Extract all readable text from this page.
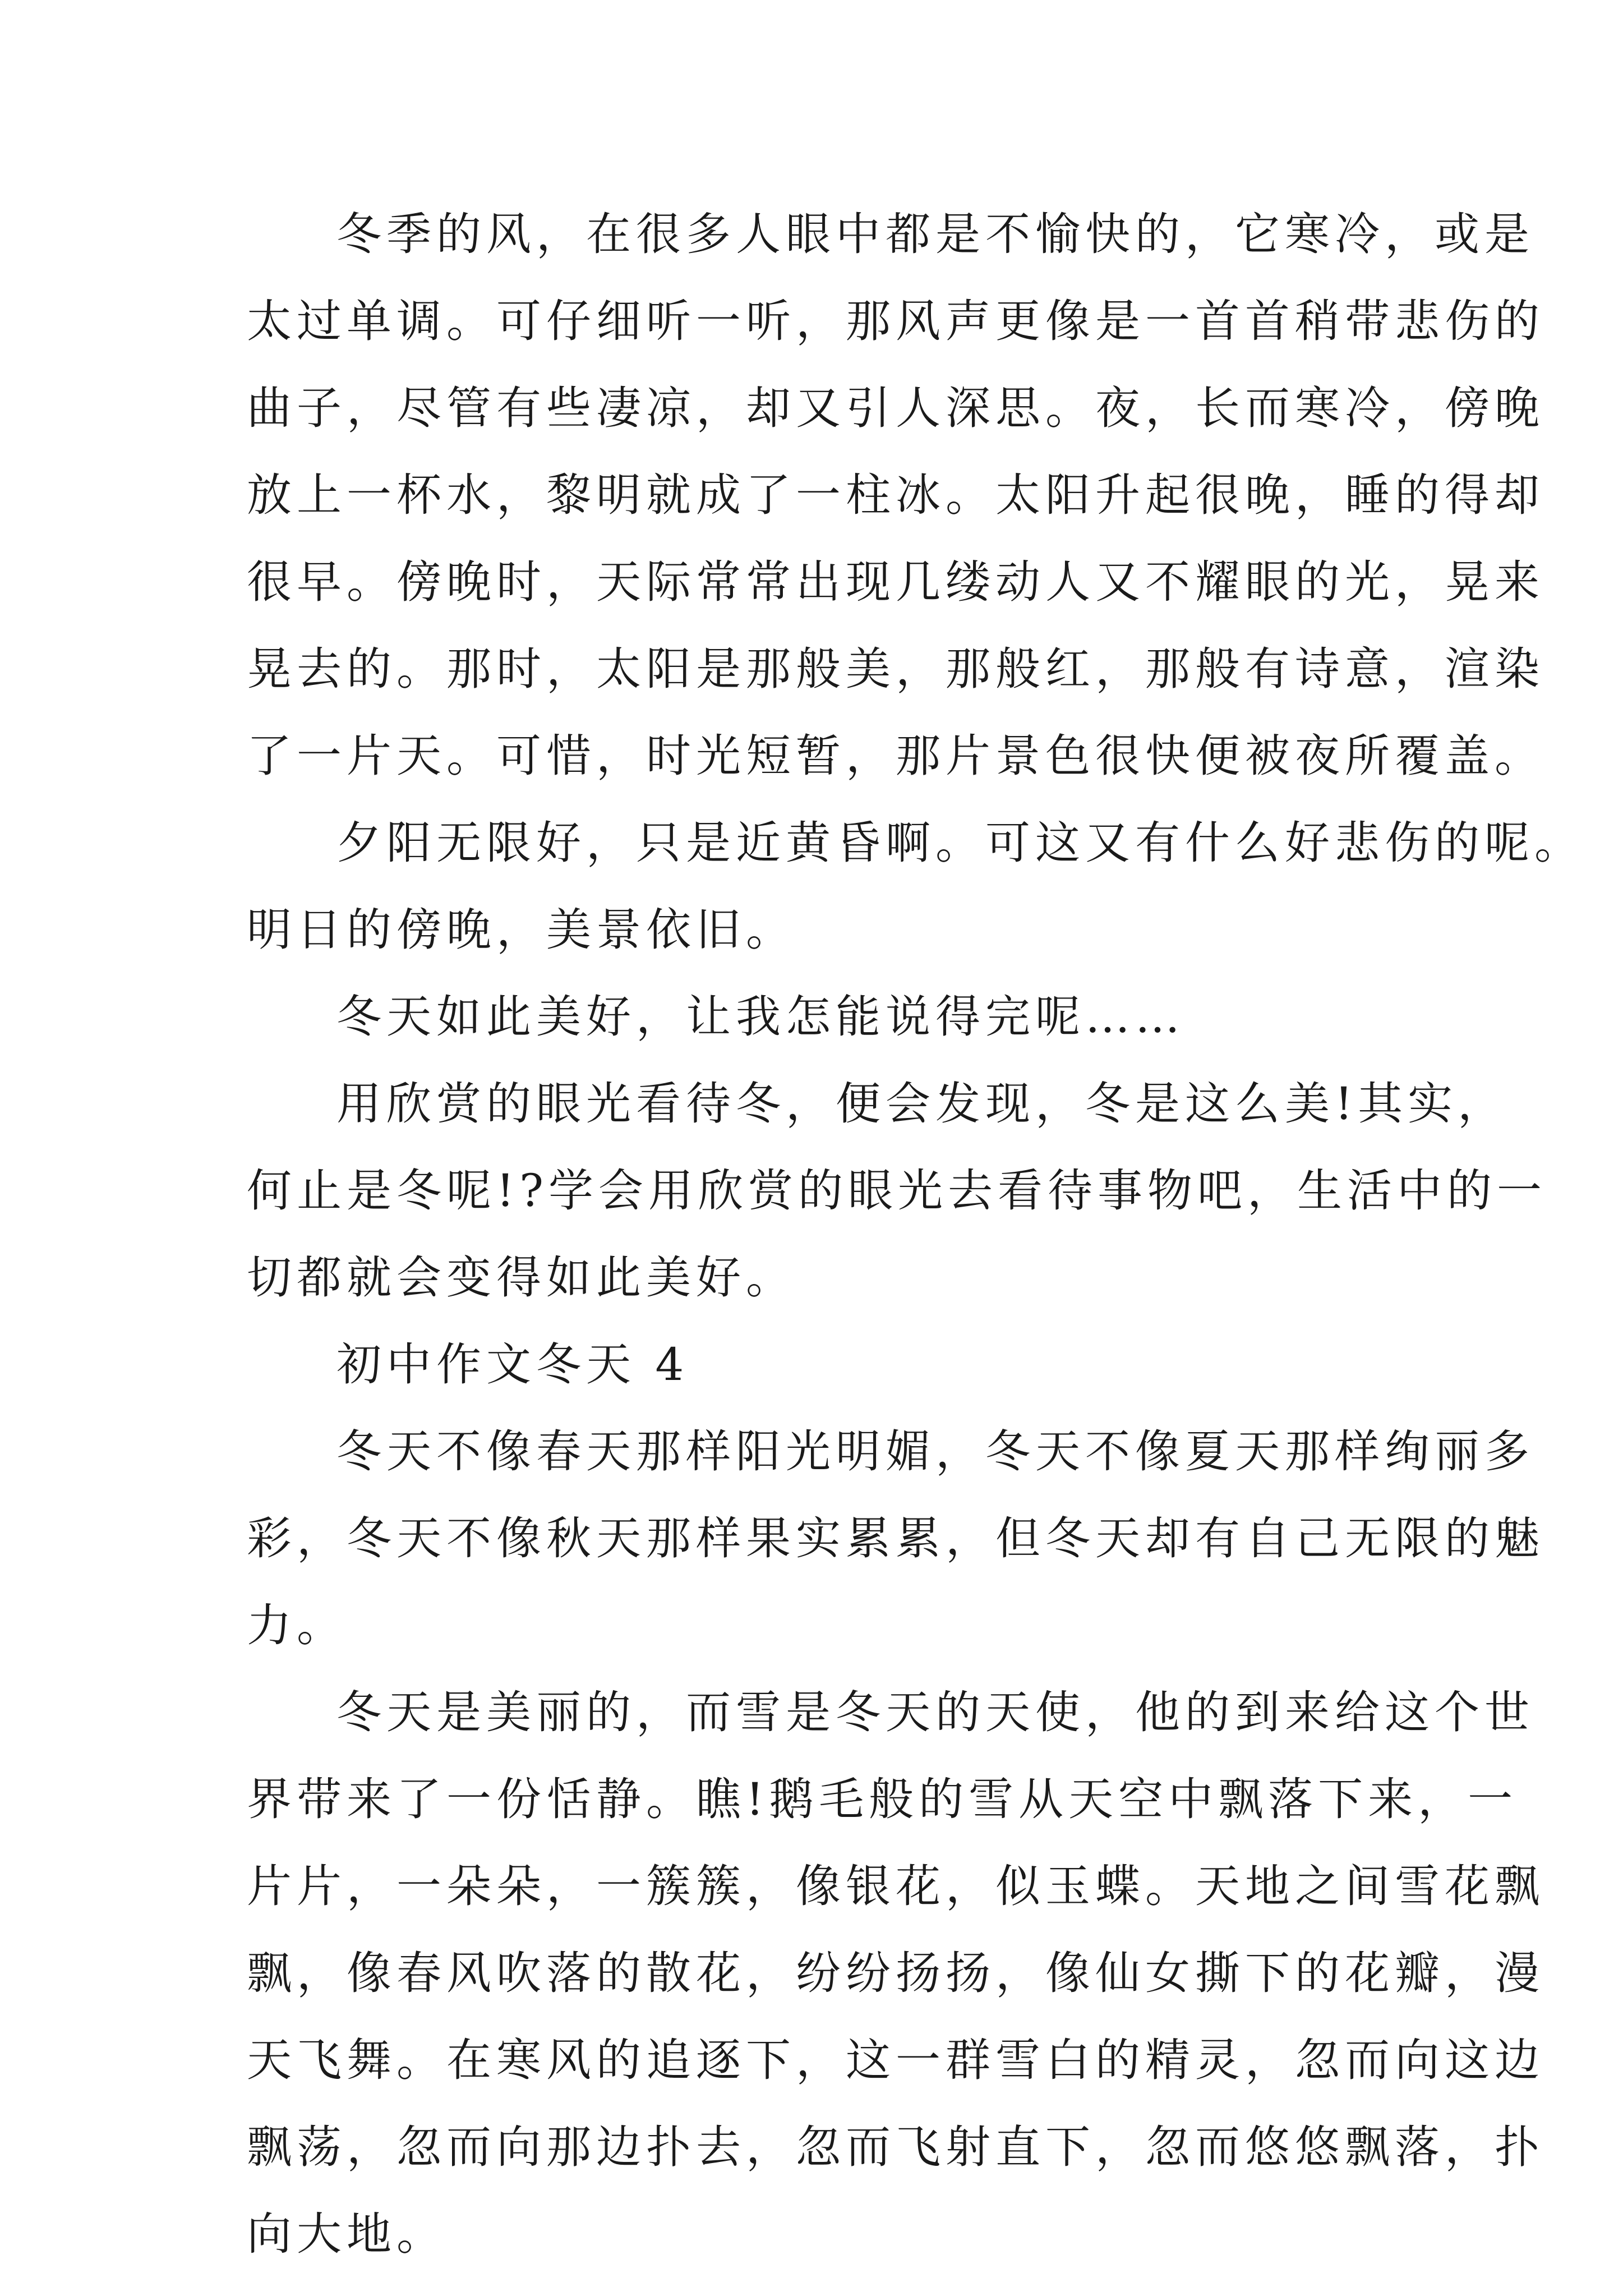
冬季的风，在很多人眼中都是不愉快的，它寒冷，或是
太过单调。可仔细听一听，那风声更像是一首首稍带悲伤的
曲子，尽管有些凄凉，却又引人深思。夜，长而寒冷，傍晚
放上一杯水，黎明就成了一柱冰。太阳升起很晚，睡的得却
很早。傍晚时，天际常常出现几缕动人又不耀眼的光，晃来
晃去的。那时，太阳是那般美，那般红，那般有诗意，渲染
了一片天。可惜，时光短暂，那片景色很快便被夜所覆盖。
夕阳无限好，只是近黄昏啊。可这又有什么好悲伤的呢。
明日的傍晚，美景依旧。
冬天如此美好，让我怎能说得完呢……
用欣赏的眼光看待冬，便会发现，冬是这么美!其实，
何止是冬呢!?学会用欣赏的眼光去看待事物吧，生活中的一
切都就会变得如此美好。
初中作文冬天 4
冬天不像春天那样阳光明媚，冬天不像夏天那样绚丽多
彩，冬天不像秋天那样果实累累，但冬天却有自己无限的魅
力。
冬天是美丽的，而雪是冬天的天使，他的到来给这个世
界带来了一份恬静。瞧!鹅毛般的雪从天空中飘落下来，一
片片，一朵朵，一簇簇，像银花，似玉蝶。天地之间雪花飘
飘，像春风吹落的散花，纷纷扬扬，像仙女撕下的花瓣，漫
天飞舞。在寒风的追逐下，这一群雪白的精灵，忽而向这边
飘荡，忽而向那边扑去，忽而飞射直下，忽而悠悠飘落，扑
向大地。
